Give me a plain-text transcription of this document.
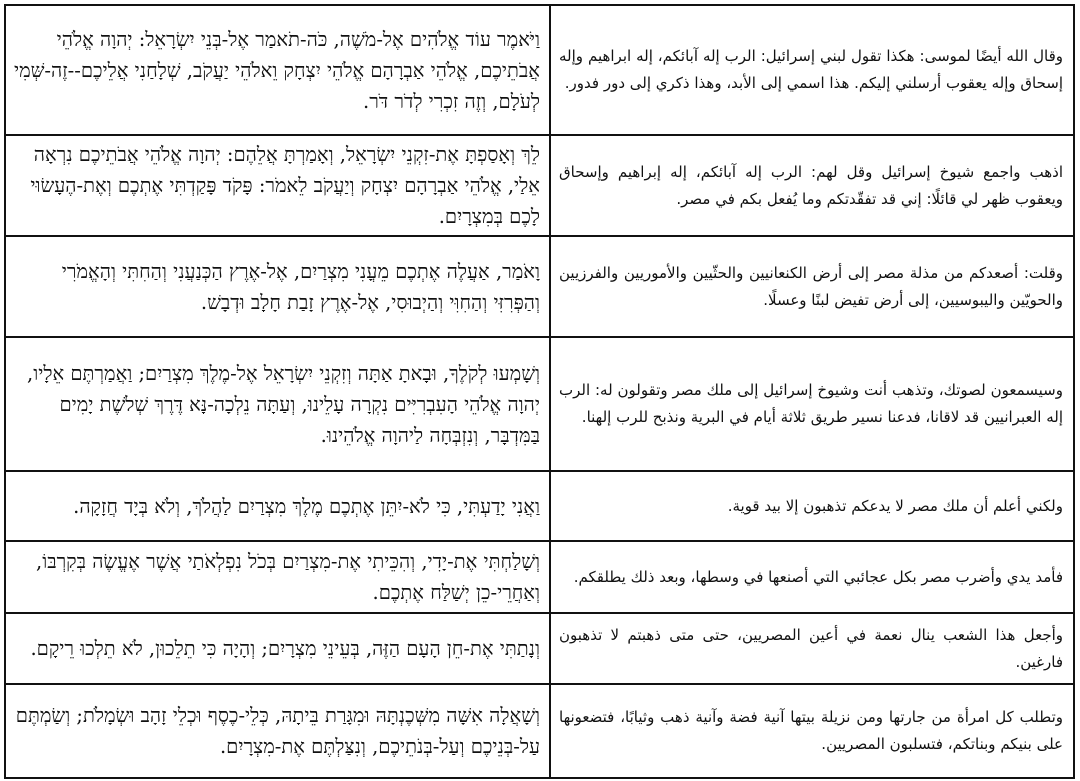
וַיֹּאמֶר עוֹד אֱלֹהִים אֶל-מֹשֶׁה, כֹּה-תֹאמַר אֶל-בְּנֵי יִשְׂרָאֵל: יְהוָה אֱלֹהֵי אֲבֹתֵיכֶם, אֱלֹהֵי אַבְרָהָם אֱלֹהֵי יִצְחָק וֵאלֹהֵי יַעֲקֹב, שְׁלָחַנִי אֲלֵיכֶם--זֶה-שְּׁמִי לְעֹלָם, וְזֶה זִכְרִי לְדֹר דֹּר.	وقال الله أيضًا لموسى: هكذا تقول لبني إسرائيل: الرب إله آبائكم، إله ابراهيم وإله إسحاق وإله يعقوب أرسلني إليكم. هذا اسمي إلى الأبد، وهذا ذكري إلى دور فدور.

לֵךְ וְאָסַפְתָּ אֶת-זִקְנֵי יִשְׂרָאֵל, וְאָמַרְתָּ אֲלֵהֶם: יְהוָה אֱלֹהֵי אֲבֹתֵיכֶם נִרְאָה אֵלַי, אֱלֹהֵי אַבְרָהָם יִצְחָק וְיַעֲקֹב לֵאמֹר: פָּקֹד פָּקַדְתִּי אֶתְכֶם וְאֶת-הֶעָשׂוּי לָכֶם בְּמִצְרָיִם.	اذهب واجمع شيوخ إسرائيل وقل لهم: الرب إله آبائكم، إله إبراهيم وإسحاق ويعقوب ظهر لي قائلًا: إني قد تفقّدتكم وما يُفعل بكم في مصر.

וָאֹמַר, אַעֲלֶה אֶתְכֶם מֵעֳנִי מִצְרַיִם, אֶל-אֶרֶץ הַכְּנַעֲנִי וְהַחִתִּי וְהָאֱמֹרִי וְהַפְּרִזִּי וְהַחִוִּי וְהַיְבוּסִי, אֶל-אֶרֶץ זָבַת חָלָב וּדְבָשׁ.	وقلت: أصعدكم من مذلة مصر إلى أرض الكنعانيين والحثّيين والأموريين والفرزيين والحويّين واليبوسيين، إلى أرض تفيض لبنًا وعسلًا.

וְשָׁמְעוּ לְקֹלֶךָ, וּבָאתָ אַתָּה וְזִקְנֵי יִשְׂרָאֵל אֶל-מֶלֶךְ מִצְרַיִם; וַאֲמַרְתֶּם אֵלָיו, יְהוָה אֱלֹהֵי הָעִבְרִיִּים נִקְרָה עָלֵינוּ, וְעַתָּה נֵלְכָה-נָּא דֶּרֶךְ שְׁלֹשֶׁת יָמִים בַּמִּדְבָּר, וְנִזְבְּחָה לַיהוָה אֱלֹהֵינוּ.	وسيسمعون لصوتك، وتذهب أنت وشيوخ إسرائيل إلى ملك مصر وتقولون له: الرب إله العبرانيين قد لاقانا، فدعنا نسير طريق ثلاثة أيام في البرية ونذبح للرب إلهنا.

וַאֲנִי יָדַעְתִּי, כִּי לֹא-יִתֵּן אֶתְכֶם מֶלֶךְ מִצְרַיִם לַהֲלֹךְ, וְלֹא בְּיָד חֲזָקָה.	ولكني أعلم أن ملك مصر لا يدعكم تذهبون إلا بيد قوية.

וְשָׁלַחְתִּי אֶת-יָדִי, וְהִכֵּיתִי אֶת-מִצְרַיִם בְּכֹל נִפְלְאֹתַי אֲשֶׁר אֶעֱשֶׂה בְּקִרְבּוֹ, וְאַחֲרֵי-כֵן יְשַׁלַּח אֶתְכֶם.	فأمد يدي وأضرب مصر بكل عجائبي التي أصنعها في وسطها، وبعد ذلك يطلقكم.

וְנָתַתִּי אֶת-חֵן הָעָם הַזֶּה, בְּעֵינֵי מִצְרָיִם; וְהָיָה כִּי תֵלֵכוּן, לֹא תֵלְכוּ רֵיקָם.	وأجعل هذا الشعب ينال نعمة في أعين المصريين، حتى متى ذهبتم لا تذهبون فارغين.

וְשָׁאֲלָה אִשָּׁה מִשְּׁכֶנְתָּהּ וּמִגָּרַת בֵּיתָהּ, כְּלֵי-כֶסֶף וּכְלֵי זָהָב וּשְׂמָלֹת; וְשַׂמְתֶּם עַל-בְּנֵיכֶם וְעַל-בְּנֹתֵיכֶם, וְנִצַּלְתֶּם אֶת-מִצְרָיִם.	وتطلب كل امرأة من جارتها ومن نزيلة بيتها آنية فضة وآنية ذهب وثيابًا، فتضعونها على بنيكم وبناتكم، فتسلبون المصريين.
